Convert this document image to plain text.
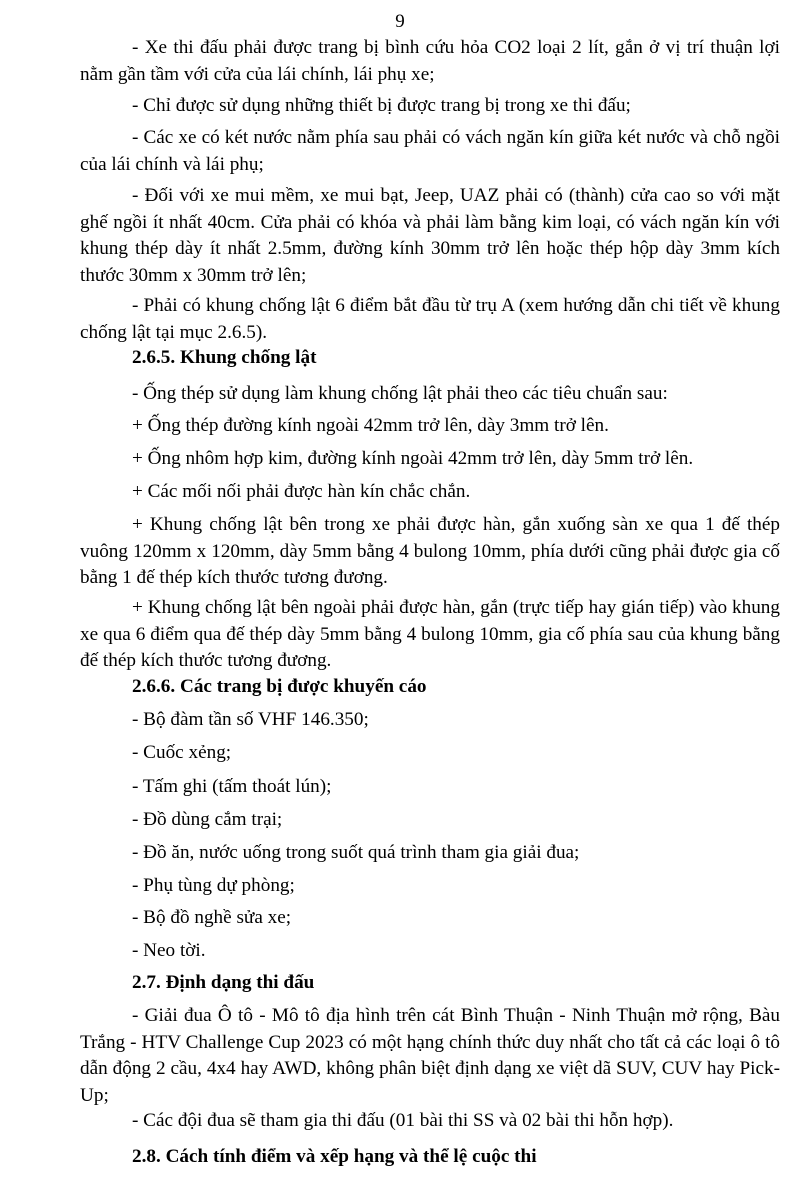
9

- Xe thi đấu phải được trang bị bình cứu hỏa CO2 loại 2 lít, gắn ở vị trí thuận lợi nằm gần tầm với cửa của lái chính, lái phụ xe;

- Chỉ được sử dụng những thiết bị được trang bị trong xe thi đấu;

- Các xe có két nước nằm phía sau phải có vách ngăn kín giữa két nước và chỗ ngồi của lái chính và lái phụ;

- Đối với xe mui mềm, xe mui bạt, Jeep, UAZ phải có (thành) cửa cao so với mặt ghế ngồi ít nhất 40cm. Cửa phải có khóa và phải làm bằng kim loại, có vách ngăn kín với khung thép dày ít nhất 2.5mm, đường kính 30mm trở lên hoặc thép hộp dày 3mm kích thước 30mm x 30mm trở lên;

- Phải có khung chống lật 6 điểm bắt đầu từ trụ A (xem hướng dẫn chi tiết về khung chống lật tại mục 2.6.5).

2.6.5. Khung chống lật

- Ống thép sử dụng làm khung chống lật phải theo các tiêu chuẩn sau:

+ Ống thép đường kính ngoài 42mm trở lên, dày 3mm trở lên.

+ Ống nhôm hợp kim, đường kính ngoài 42mm trở lên, dày 5mm trở lên.

+ Các mối nối phải được hàn kín chắc chắn.

+ Khung chống lật bên trong xe phải được hàn, gắn xuống sàn xe qua 1 đế thép vuông 120mm x 120mm, dày 5mm bằng 4 bulong 10mm, phía dưới cũng phải được gia cố bằng 1 đế thép kích thước tương đương.

+ Khung chống lật bên ngoài phải được hàn, gắn (trực tiếp hay gián tiếp) vào khung xe qua 6 điểm qua đế thép dày 5mm bằng 4 bulong 10mm, gia cố phía sau của khung bằng đế thép kích thước tương đương.

2.6.6. Các trang bị được khuyến cáo

- Bộ đàm tần số VHF 146.350;

- Cuốc xẻng;

- Tấm ghi (tấm thoát lún);

- Đồ dùng cắm trại;

- Đồ ăn, nước uống trong suốt quá trình tham gia giải đua;

- Phụ tùng dự phòng;

- Bộ đồ nghề sửa xe;

- Neo tời.

2.7. Định dạng thi đấu

- Giải đua Ô tô - Mô tô địa hình trên cát Bình Thuận - Ninh Thuận mở rộng, Bàu Trắng - HTV Challenge Cup 2023 có một hạng chính thức duy nhất cho tất cả các loại ô tô dẫn động 2 cầu, 4x4 hay AWD, không phân biệt định dạng xe việt dã SUV, CUV hay Pick-Up;

- Các đội đua sẽ tham gia thi đấu (01 bài thi SS và 02 bài thi hỗn hợp).

2.8. Cách tính điểm và xếp hạng và thể lệ cuộc thi
